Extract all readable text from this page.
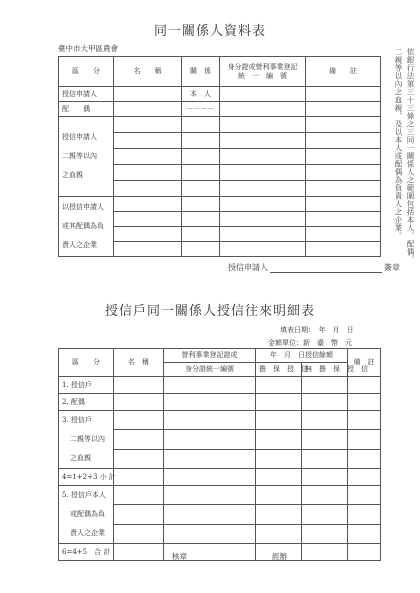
同一關係人資料表
臺中市大甲區農會	依銀行法第三十三條之三同一關係人之範圍包括本人、配偶、二親等以內之血親，及以本人或配偶為負責人之企業。
區　　分	名　　稱	關　係	身分證或營利事業登記
統　一　編　號	備　　註
授信申請人		本　人		
配　　偶		－－－－		

授信申請人
二親等以內
之血親				

以授信申請人
或其配偶為負
責人之企業				

授信申請人	簽章
授信戶同一關係人授信往來明細表
填表日期：　年　月　日
金額單位：新　臺　幣　元
區　　分	名　稱	營利事業登記證或	年　月　日授信餘額		備　註
		身分證統一編號	擔　保　授　信	無　擔　保　授　信	
1. 授信戶					
2. 配偶					

3. 授信戶
二親等以內
之血親					

4=1+2+3 小 計					

5. 授信戶本人
或配偶為負
責人之企業					

6=4+5　合 計					
核章	經辦
